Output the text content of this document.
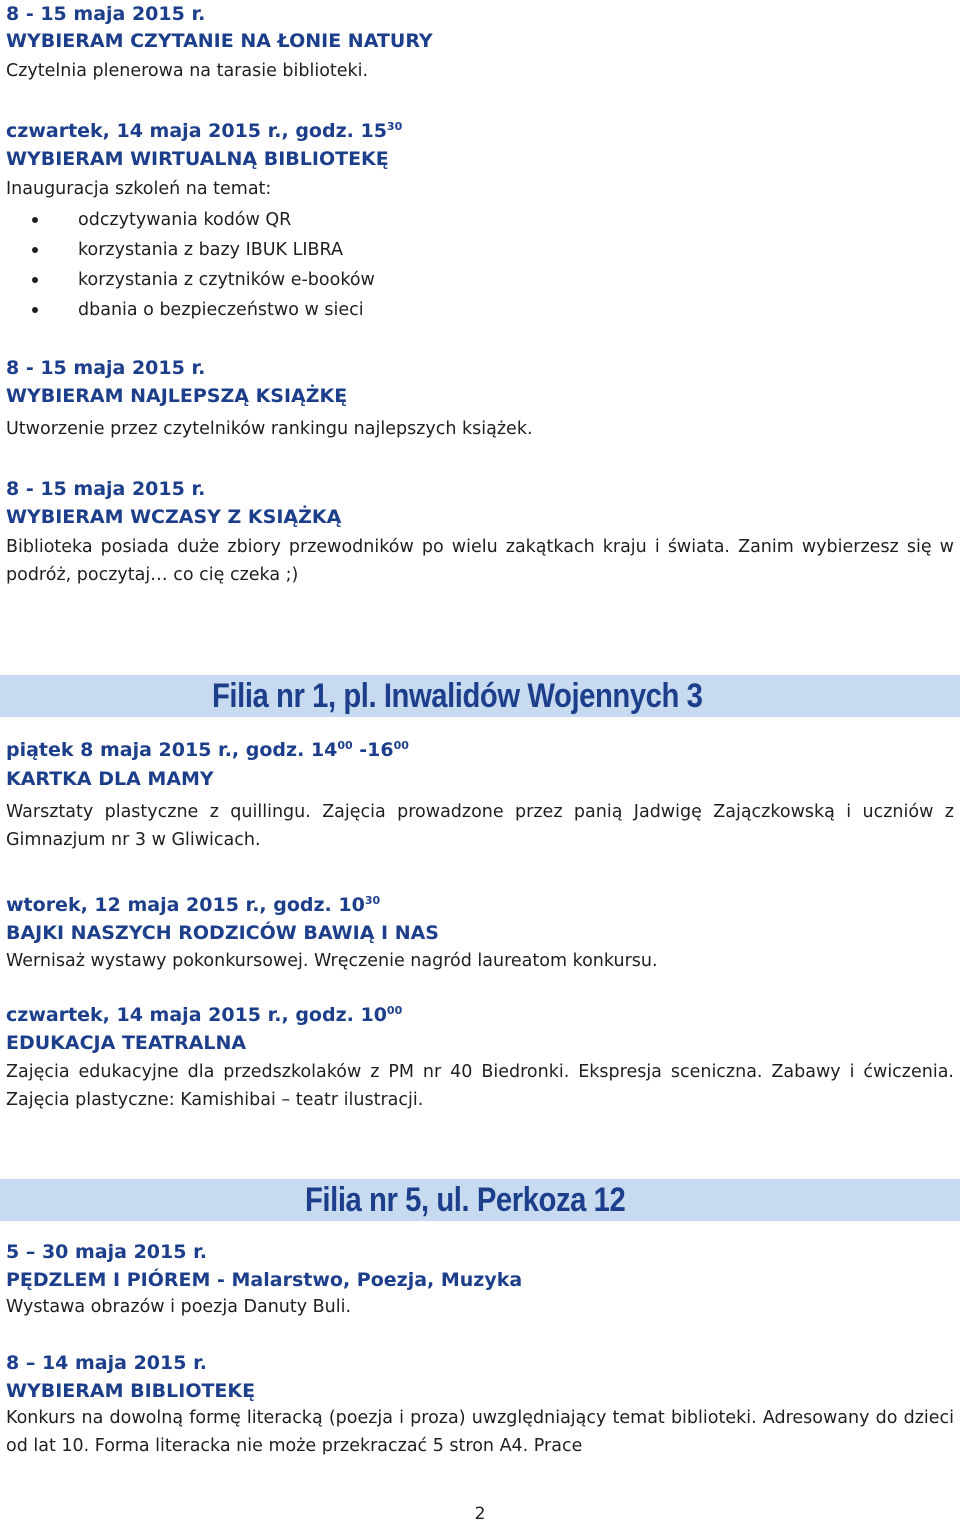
8 - 15 maja 2015 r.
WYBIERAM CZYTANIE NA ŁONIE NATURY
Czytelnia plenerowa na tarasie biblioteki.
czwartek, 14 maja 2015 r., godz. $15^{30}$
WYBIERAM WIRTUALNĄ BIBLIOTEKĘ
Inauguracja szkoleń na temat:
odczytywania kodów QR
korzystania z bazy IBUK LIBRA
korzystania z czytników e-booków
dbania o bezpieczeństwo w sieci
8 - 15 maja 2015 r.
WYBIERAM NAJLEPSZĄ KSIĄŻKĘ
Utworzenie przez czytelników rankingu najlepszych książek.
8 - 15 maja 2015 r.
WYBIERAM WCZASY Z KSIĄŻKĄ
Biblioteka posiada duże zbiory przewodników po wielu zakątkach kraju i świata. Zanim wybierzesz się w podróż, poczytaj… co cię czeka ;)
Filia nr 1, pl. Inwalidów Wojennych 3
piątek 8 maja 2015 r., godz. $14^{00}$ $-16^{00}$
KARTKA DLA MAMY
Warsztaty plastyczne z quillingu. Zajęcia prowadzone przez panią Jadwigę Zajączkowską i uczniów z Gimnazjum nr 3 w Gliwicach.
wtorek, 12 maja 2015 r., godz. $10^{30}$
BAJKI NASZYCH RODZICÓW BAWIĄ I NAS
Wernisaż wystawy pokonkursowej. Wręczenie nagród laureatom konkursu.
czwartek, 14 maja 2015 r., godz. $10^{00}$
EDUKACJA TEATRALNA
Zajęcia edukacyjne dla przedszkolaków z PM nr 40 Biedronki. Ekspresja sceniczna. Zabawy i ćwiczenia. Zajęcia plastyczne: Kamishibai – teatr ilustracji.
Filia nr 5, ul. Perkoza 12
5 – 30 maja 2015 r.
PĘDZLEM I PIÓREM - Malarstwo, Poezja, Muzyka
Wystawa obrazów i poezja Danuty Buli.
8 – 14 maja 2015 r.
WYBIERAM BIBLIOTEKĘ
Konkurs na dowolną formę literacką (poezja i proza) uwzględniający temat biblioteki. Adresowany do dzieci od lat 10. Forma literacka nie może przekraczać 5 stron A4. Prace
2
